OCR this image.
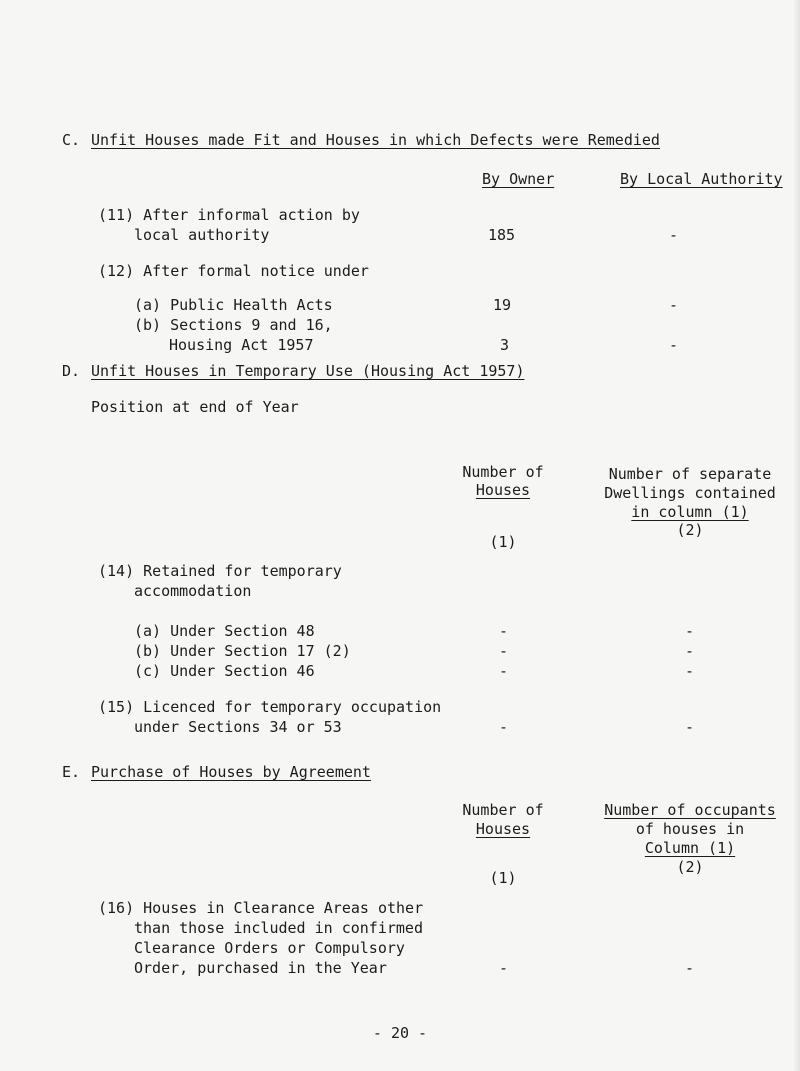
C. Unfit Houses made Fit and Houses in which Defects were Remedied
By Owner	By Local Authority
(11) After informal action by
local authority	185	-
(12) After formal notice under
(a) Public Health Acts	19	-
(b) Sections 9 and 16,
Housing Act 1957	3	-
D. Unfit Houses in Temporary Use (Housing Act 1957)
Position at end of Year
Number of
Houses
(1)
Number of separate
Dwellings contained
in column (1)
(2)
(14) Retained for temporary
accommodation
(a) Under Section 48	-	-
(b) Under Section 17 (2)	-	-
(c) Under Section 46	-	-
(15) Licenced for temporary occupation
under Sections 34 or 53	-	-
E. Purchase of Houses by Agreement
Number of
Houses
(1)
Number of occupants
of houses in
Column (1)
(2)
(16) Houses in Clearance Areas other
than those included in confirmed
Clearance Orders or Compulsory
Order, purchased in the Year	-	-
- 20 -
